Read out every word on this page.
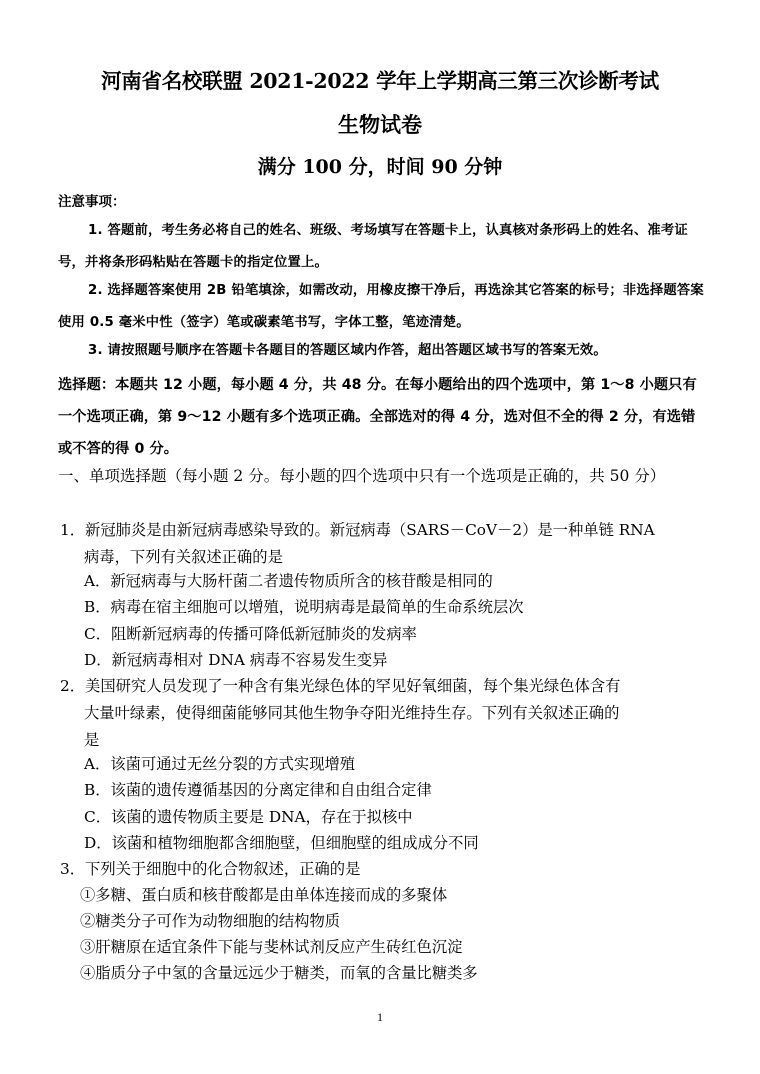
河南省名校联盟 2021-2022 学年上学期高三第三次诊断考试
生物试卷
满分 100 分，时间 90 分钟
注意事项：
1. 答题前，考生务必将自己的姓名、班级、考场填写在答题卡上，认真核对条形码上的姓名、准考证号，并将条形码粘贴在答题卡的指定位置上。
2. 选择题答案使用 2B 铅笔填涂，如需改动，用橡皮擦干净后，再选涂其它答案的标号；非选择题答案使用 0.5 毫米中性（签字）笔或碳素笔书写，字体工整，笔迹清楚。
3. 请按照题号顺序在答题卡各题目的答题区域内作答，超出答题区域书写的答案无效。
选择题：本题共 12 小题，每小题 4 分，共 48 分。在每小题给出的四个选项中，第 1～8 小题只有一个选项正确，第 9～12 小题有多个选项正确。全部选对的得 4 分，选对但不全的得 2 分，有选错或不答的得 0 分。
一、单项选择题（每小题 2 分。每小题的四个选项中只有一个选项是正确的，共 50 分）
1．新冠肺炎是由新冠病毒感染导致的。新冠病毒（SARS－CoV－2）是一种单链 RNA
病毒，下列有关叙述正确的是
A．新冠病毒与大肠杆菌二者遗传物质所含的核苷酸是相同的
B．病毒在宿主细胞可以增殖，说明病毒是最简单的生命系统层次
C．阻断新冠病毒的传播可降低新冠肺炎的发病率
D．新冠病毒相对 DNA 病毒不容易发生变异
2．美国研究人员发现了一种含有集光绿色体的罕见好氧细菌，每个集光绿色体含有
大量叶绿素，使得细菌能够同其他生物争夺阳光维持生存。下列有关叙述正确的
是
A．该菌可通过无丝分裂的方式实现增殖
B．该菌的遗传遵循基因的分离定律和自由组合定律
C．该菌的遗传物质主要是 DNA，存在于拟核中
D．该菌和植物细胞都含细胞壁，但细胞壁的组成成分不同
3．下列关于细胞中的化合物叙述，正确的是
①多糖、蛋白质和核苷酸都是由单体连接而成的多聚体
②糖类分子可作为动物细胞的结构物质
③肝糖原在适宜条件下能与斐林试剂反应产生砖红色沉淀
④脂质分子中氢的含量远远少于糖类，而氧的含量比糖类多
1
